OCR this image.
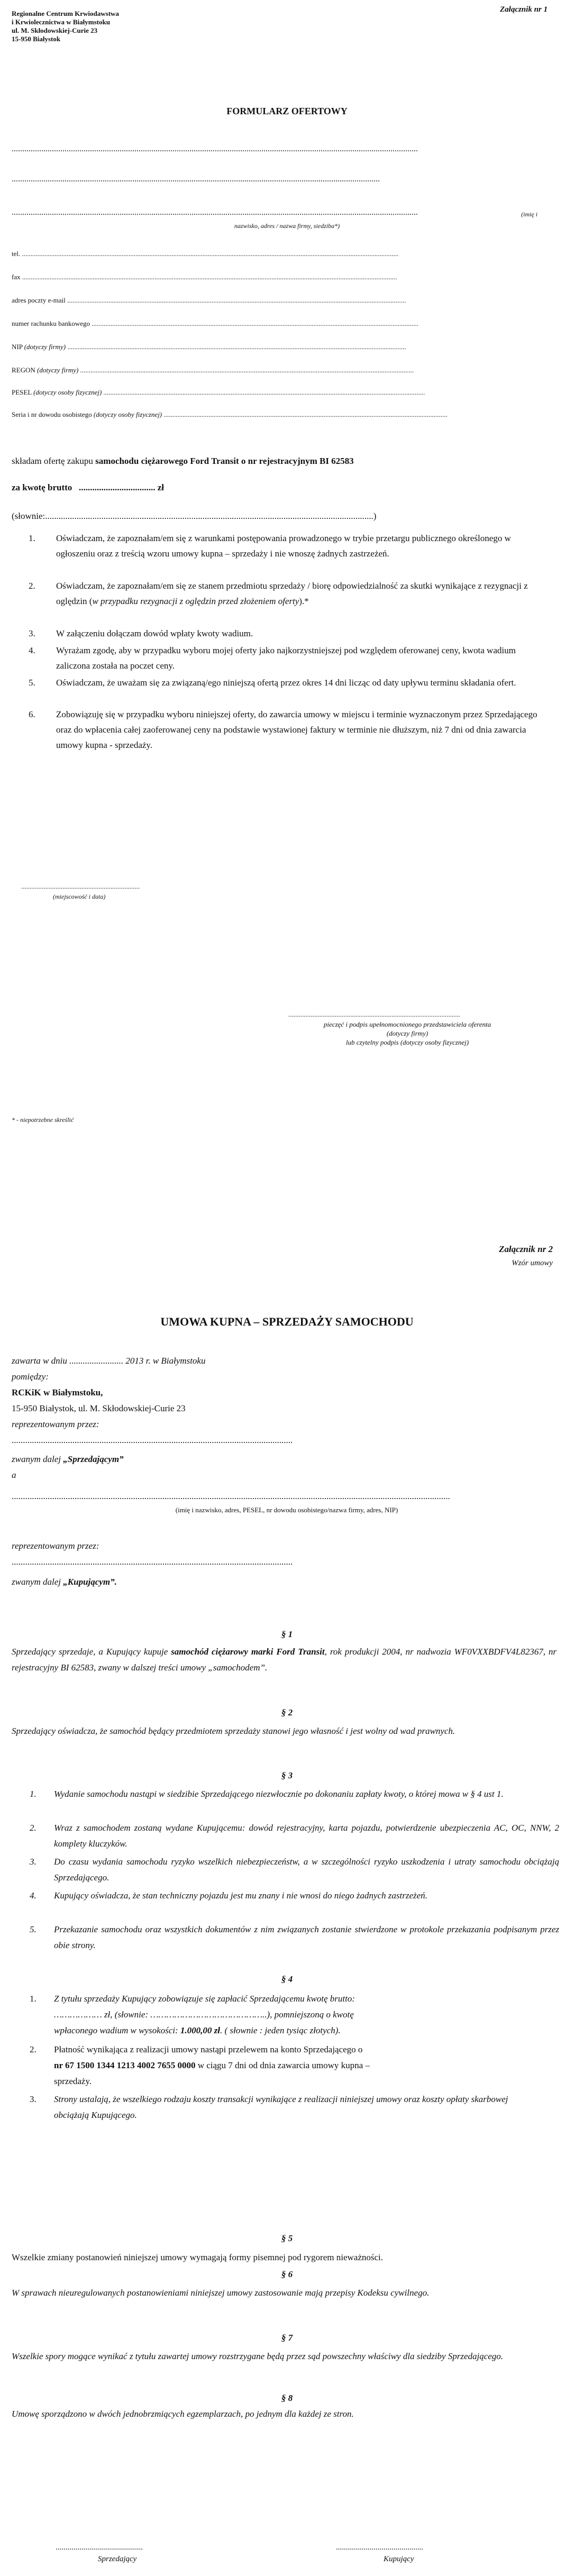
Załącznik nr 1
Regionalne Centrum Krwiodawstwa
i Krwiolecznictwa w Białymstoku
ul. M. Skłodowskiej-Curie 23
15-950 Białystok
FORMULARZ OFERTOWY
................................................................................................................................................................................................
..............................................................................................................................................................................
................................................................................................................................................................................................	(imię i
nazwisko, adres / nazwa firmy, siedziba*)
tel. ...........................................................................................................................................................................................................................
fax ..........................................................................................................................................................................................................................
adres poczty e-mail .....................................................................................................................................................................................................
numer rachunku bankowego ..............................................................................................................................................................................................
NIP (dotyczy firmy) .....................................................................................................................................................................................................
REGON (dotyczy firmy) ..................................................................................................................................................................................................
PESEL (dotyczy osoby fizycznej) ...........................................................................................................................................................................................
Seria i nr dowodu osobistego (dotyczy osoby fizycznej) .....................................................................................................................................................................
składam ofertę zakupu samochodu ciężarowego Ford Transit o nr rejestracyjnym BI 62583
za kwotę brutto .................................. zł
(słownie:..................................................................................................................................................)
1. Oświadczam, że zapoznałam/em się z warunkami postępowania prowadzonego w trybie przetargu publicznego określonego w ogłoszeniu oraz z treścią wzoru umowy kupna – sprzedaży i nie wnoszę żadnych zastrzeżeń.
2. Oświadczam, że zapoznałam/em się ze stanem przedmiotu sprzedaży / biorę odpowiedzialność za skutki wynikające z rezygnacji z oględzin (w przypadku rezygnacji z oględzin przed złożeniem oferty).*
3. W załączeniu dołączam dowód wpłaty kwoty wadium.
4. Wyrażam zgodę, aby w przypadku wyboru mojej oferty jako najkorzystniejszej pod względem oferowanej ceny, kwota wadium zaliczona została na poczet ceny.
5. Oświadczam, że uważam się za związaną/ego niniejszą ofertą przez okres 14 dni licząc od daty upływu terminu składania ofert.
6. Zobowiązuję się w przypadku wyboru niniejszej oferty, do zawarcia umowy w miejscu i terminie wyznaczonym przez Sprzedającego oraz do wpłacenia całej zaoferowanej ceny na podstawie wystawionej faktury w terminie nie dłuższym, niż 7 dni od dnia zawarcia umowy kupna - sprzedaży.
.....................................................................
(miejscowość i data)
....................................................................................................
pieczęć i podpis upełnomocnionego przedstawiciela oferenta
(dotyczy firmy)
lub czytelny podpis (dotyczy osoby fizycznej)
* - niepotrzebne skreślić
Załącznik nr 2
Wzór umowy
UMOWA KUPNA – SPRZEDAŻY SAMOCHODU
zawarta w dniu ........................ 2013 r. w Białymstoku
pomiędzy:
RCKiK w Białymstoku,
15-950 Białystok, ul. M. Skłodowskiej-Curie 23
reprezentowanym przez:
.............................................................................................................................
zwanym dalej „Sprzedającym”
a
...................................................................................................................................................................................................
(imię i nazwisko, adres, PESEL, nr dowodu osobistego/nazwa firmy, adres, NIP)
reprezentowanym przez:
.............................................................................................................................
zwanym dalej „Kupującym”.
§ 1
Sprzedający sprzedaje, a Kupujący kupuje samochód ciężarowy marki Ford Transit, rok produkcji 2004, nr nadwozia WF0VXXBDFV4L82367, nr rejestracyjny BI 62583, zwany w dalszej treści umowy „samochodem”.
§ 2
Sprzedający oświadcza, że samochód będący przedmiotem sprzedaży stanowi jego własność i jest wolny od wad prawnych.
§ 3
1. Wydanie samochodu nastąpi w siedzibie Sprzedającego niezwłocznie po dokonaniu zapłaty kwoty, o której mowa w § 4 ust 1.
2. Wraz z samochodem zostaną wydane Kupującemu: dowód rejestracyjny, karta pojazdu, potwierdzenie ubezpieczenia AC, OC, NNW, 2 komplety kluczyków.
3. Do czasu wydania samochodu ryzyko wszelkich niebezpieczeństw, a w szczególności ryzyko uszkodzenia i utraty samochodu obciążają Sprzedającego.
4. Kupujący oświadcza, że stan techniczny pojazdu jest mu znany i nie wnosi do niego żadnych zastrzeżeń.
5. Przekazanie samochodu oraz wszystkich dokumentów z nim związanych zostanie stwierdzone w protokole przekazania podpisanym przez obie strony.
§ 4
1. Z tytułu sprzedaży Kupujący zobowiązuje się zapłacić Sprzedającemu kwotę brutto:
……………… zł, (słownie: ……………………………………..), pomniejszoną o kwotę
wpłaconego wadium w wysokości: 1.000,00 zł. ( słownie : jeden tysiąc złotych).
2. Płatność wynikająca z realizacji umowy nastąpi przelewem na konto Sprzedającego o
nr 67 1500 1344 1213 4002 7655 0000 w ciągu 7 dni od dnia zawarcia umowy kupna –
sprzedaży.
3. Strony ustalają, że wszelkiego rodzaju koszty transakcji wynikające z realizacji niniejszej umowy oraz koszty opłaty skarbowej obciążają Kupującego.
§ 5
Wszelkie zmiany postanowień niniejszej umowy wymagają formy pisemnej pod rygorem nieważności.
§ 6
W sprawach nieuregulowanych postanowieniami niniejszej umowy zastosowanie mają przepisy Kodeksu cywilnego.
§ 7
Wszelkie spory mogące wynikać z tytułu zawartej umowy rozstrzygane będą przez sąd powszechny właściwy dla siedziby Sprzedającego.
§ 8
Umowę sporządzono w dwóch jednobrzmiących egzemplarzach, po jednym dla każdej ze stron.
............................................
Sprzedający
............................................
Kupujący
